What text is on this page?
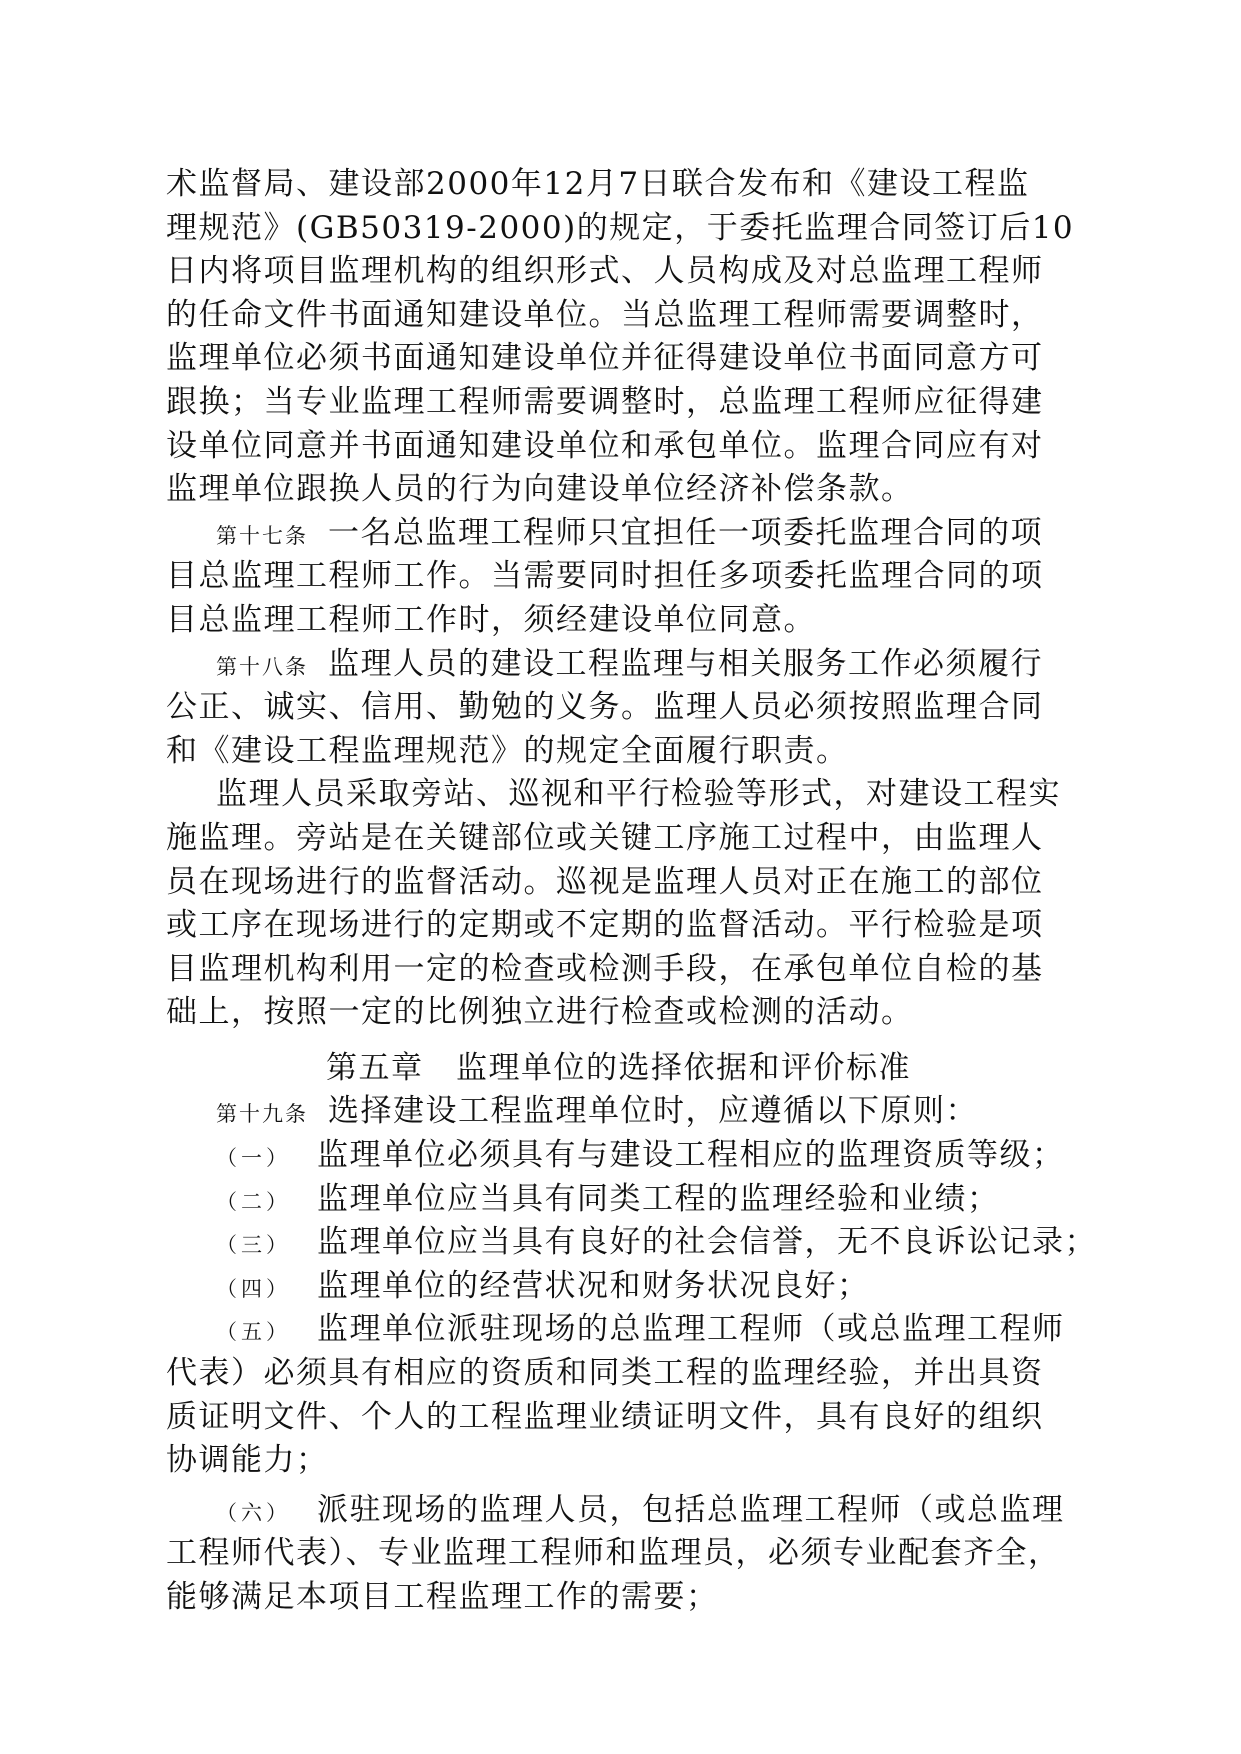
术监督局、建设部2000年12月7日联合发布和《建设工程监
理规范》(GB50319-2000)的规定，于委托监理合同签订后10
日内将项目监理机构的组织形式、人员构成及对总监理工程师
的任命文件书面通知建设单位。当总监理工程师需要调整时，
监理单位必须书面通知建设单位并征得建设单位书面同意方可
跟换；当专业监理工程师需要调整时，总监理工程师应征得建
设单位同意并书面通知建设单位和承包单位。监理合同应有对
监理单位跟换人员的行为向建设单位经济补偿条款。
第十七条 一名总监理工程师只宜担任一项委托监理合同的项
目总监理工程师工作。当需要同时担任多项委托监理合同的项
目总监理工程师工作时，须经建设单位同意。
第十八条 监理人员的建设工程监理与相关服务工作必须履行
公正、诚实、信用、勤勉的义务。监理人员必须按照监理合同
和《建设工程监理规范》的规定全面履行职责。
监理人员采取旁站、巡视和平行检验等形式，对建设工程实
施监理。旁站是在关键部位或关键工序施工过程中，由监理人
员在现场进行的监督活动。巡视是监理人员对正在施工的部位
或工序在现场进行的定期或不定期的监督活动。平行检验是项
目监理机构利用一定的检查或检测手段，在承包单位自检的基
础上，按照一定的比例独立进行检查或检测的活动。
第五章　监理单位的选择依据和评价标准
第十九条 选择建设工程监理单位时，应遵循以下原则：
（一） 监理单位必须具有与建设工程相应的监理资质等级；
（二） 监理单位应当具有同类工程的监理经验和业绩；
（三） 监理单位应当具有良好的社会信誉，无不良诉讼记录；
（四） 监理单位的经营状况和财务状况良好；
（五） 监理单位派驻现场的总监理工程师（或总监理工程师
代表）必须具有相应的资质和同类工程的监理经验，并出具资
质证明文件、个人的工程监理业绩证明文件，具有良好的组织
协调能力；
（六） 派驻现场的监理人员，包括总监理工程师（或总监理
工程师代表）、专业监理工程师和监理员，必须专业配套齐全，
能够满足本项目工程监理工作的需要；
